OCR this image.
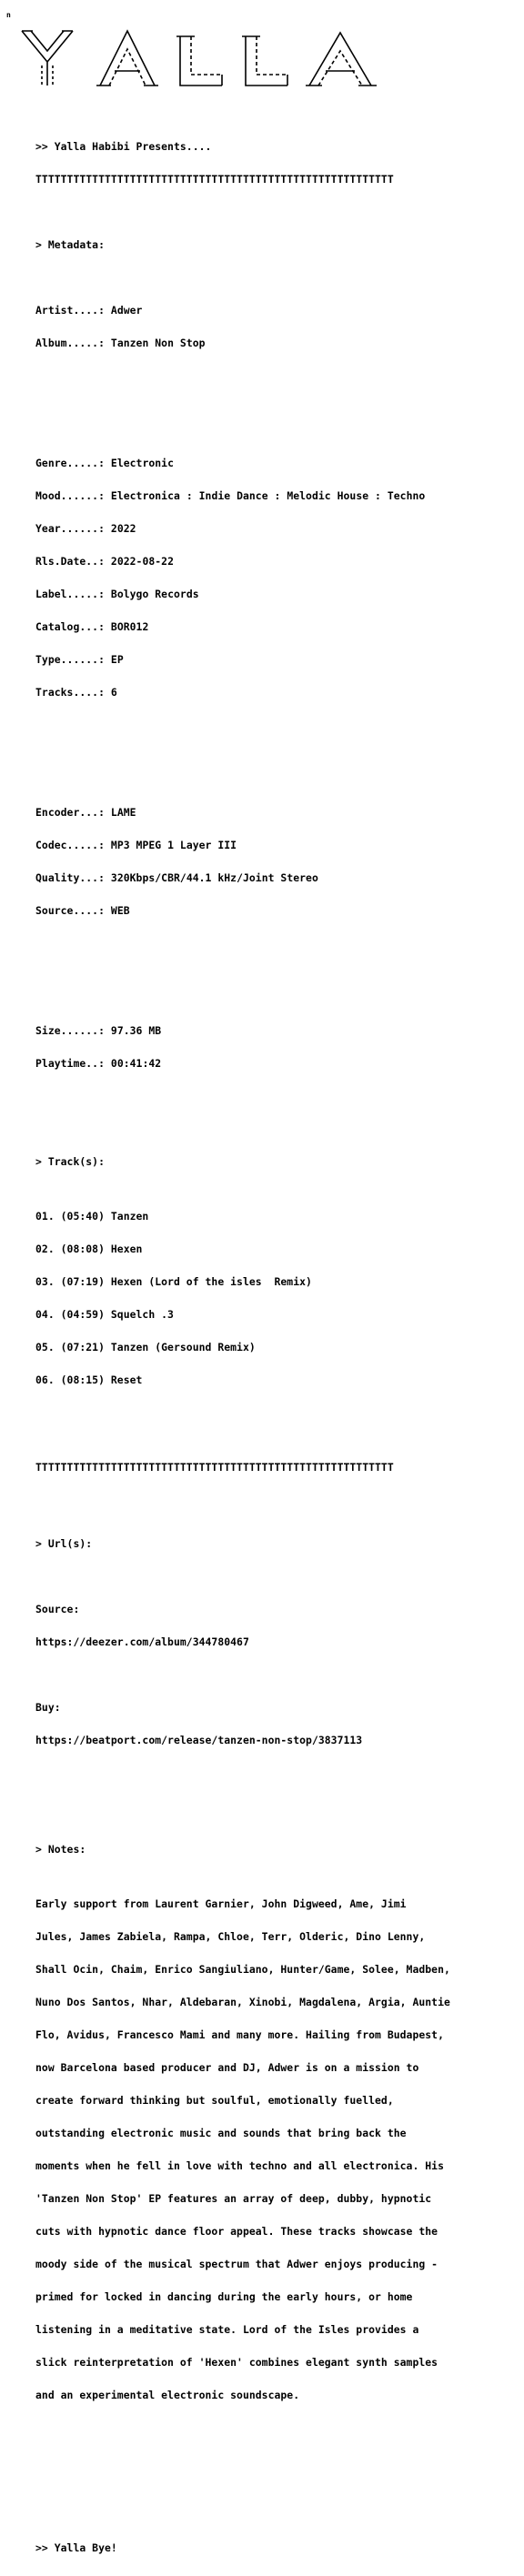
n

>> Yalla Habibi Presents....

TTTTTTTTTTTTTTTTTTTTTTTTTTTTTTTTTTTTTTTTTTTTTTTTTTTTTTTTT

> Metadata:

Artist....: Adwer

Album.....: Tanzen Non Stop

Genre.....: Electronic

Mood......: Electronica : Indie Dance : Melodic House : Techno

Year......: 2022

Rls.Date..: 2022-08-22

Label.....: Bolygo Records

Catalog...: BOR012

Type......: EP

Tracks....: 6

Encoder...: LAME

Codec.....: MP3 MPEG 1 Layer III

Quality...: 320Kbps/CBR/44.1 kHz/Joint Stereo

Source....: WEB

Size......: 97.36 MB

Playtime..: 00:41:42

> Track(s):

01. (05:40) Tanzen

02. (08:08) Hexen

03. (07:19) Hexen (Lord of the isles  Remix)

04. (04:59) Squelch .3

05. (07:21) Tanzen (Gersound Remix)

06. (08:15) Reset

TTTTTTTTTTTTTTTTTTTTTTTTTTTTTTTTTTTTTTTTTTTTTTTTTTTTTTTTT

> Url(s):

Source:

https://deezer.com/album/344780467

Buy:

https://beatport.com/release/tanzen-non-stop/3837113

> Notes:

Early support from Laurent Garnier, John Digweed, Ame, Jimi

Jules, James Zabiela, Rampa, Chloe, Terr, Olderic, Dino Lenny,

Shall Ocin, Chaim, Enrico Sangiuliano, Hunter/Game, Solee, Madben,

Nuno Dos Santos, Nhar, Aldebaran, Xinobi, Magdalena, Argia, Auntie

Flo, Avidus, Francesco Mami and many more. Hailing from Budapest,

now Barcelona based producer and DJ, Adwer is on a mission to

create forward thinking but soulful, emotionally fuelled,

outstanding electronic music and sounds that bring back the

moments when he fell in love with techno and all electronica. His

'Tanzen Non Stop' EP features an array of deep, dubby, hypnotic

cuts with hypnotic dance floor appeal. These tracks showcase the

moody side of the musical spectrum that Adwer enjoys producing -

primed for locked in dancing during the early hours, or home

listening in a meditative state. Lord of the Isles provides a

slick reinterpretation of 'Hexen' combines elegant synth samples

and an experimental electronic soundscape.

>> Yalla Bye!
